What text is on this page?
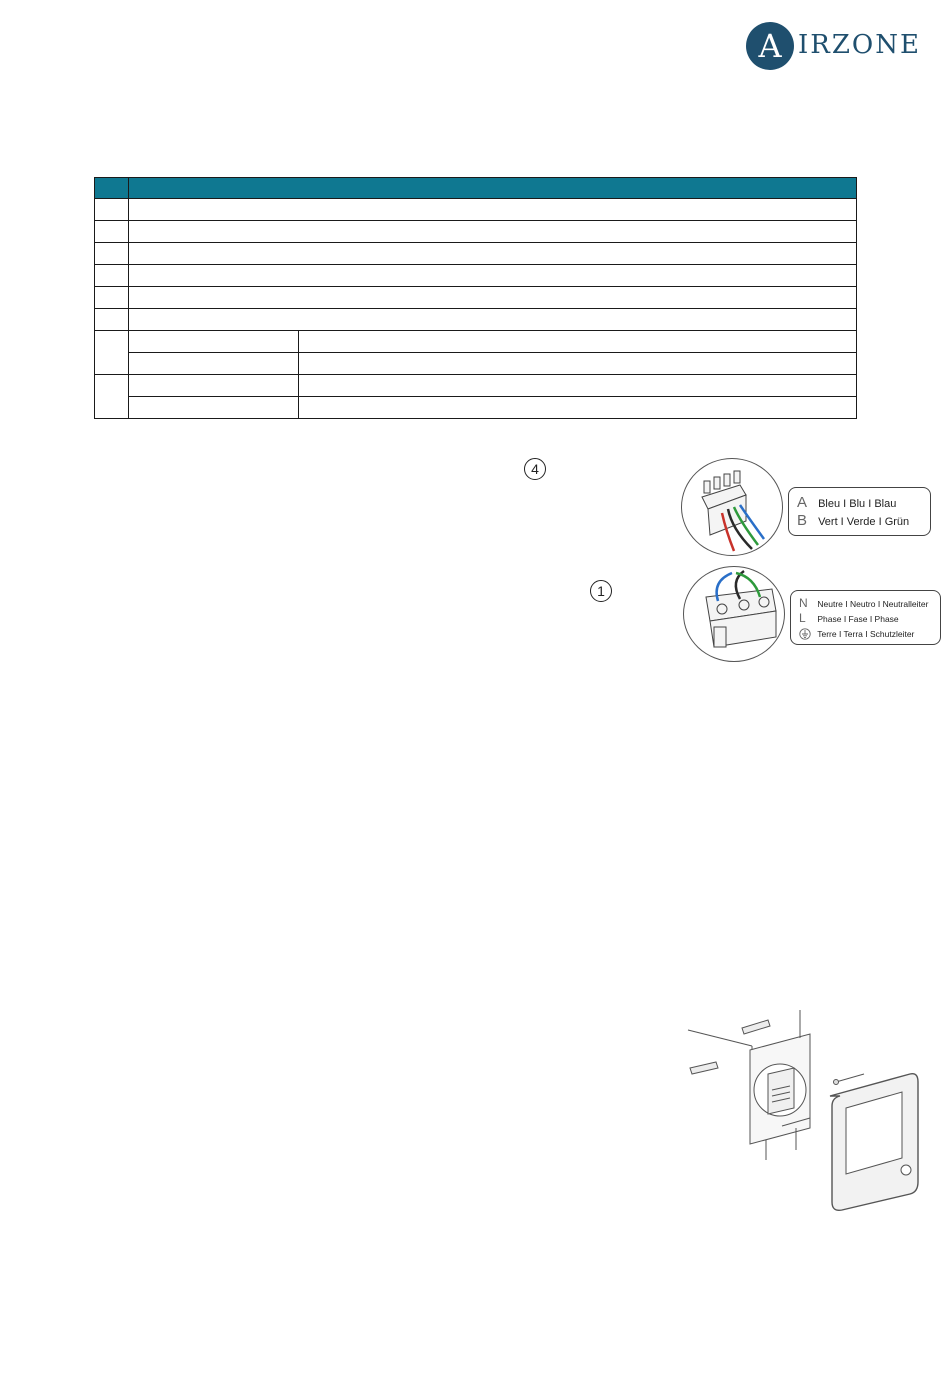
A IRZONE

4
1
A Bleu I Blu I Blau
B Vert I Verde I Grün
N Neutre I Neutro I Neutralleiter
L Phase I Fase I Phase
Terre I Terra I Schutzleiter
